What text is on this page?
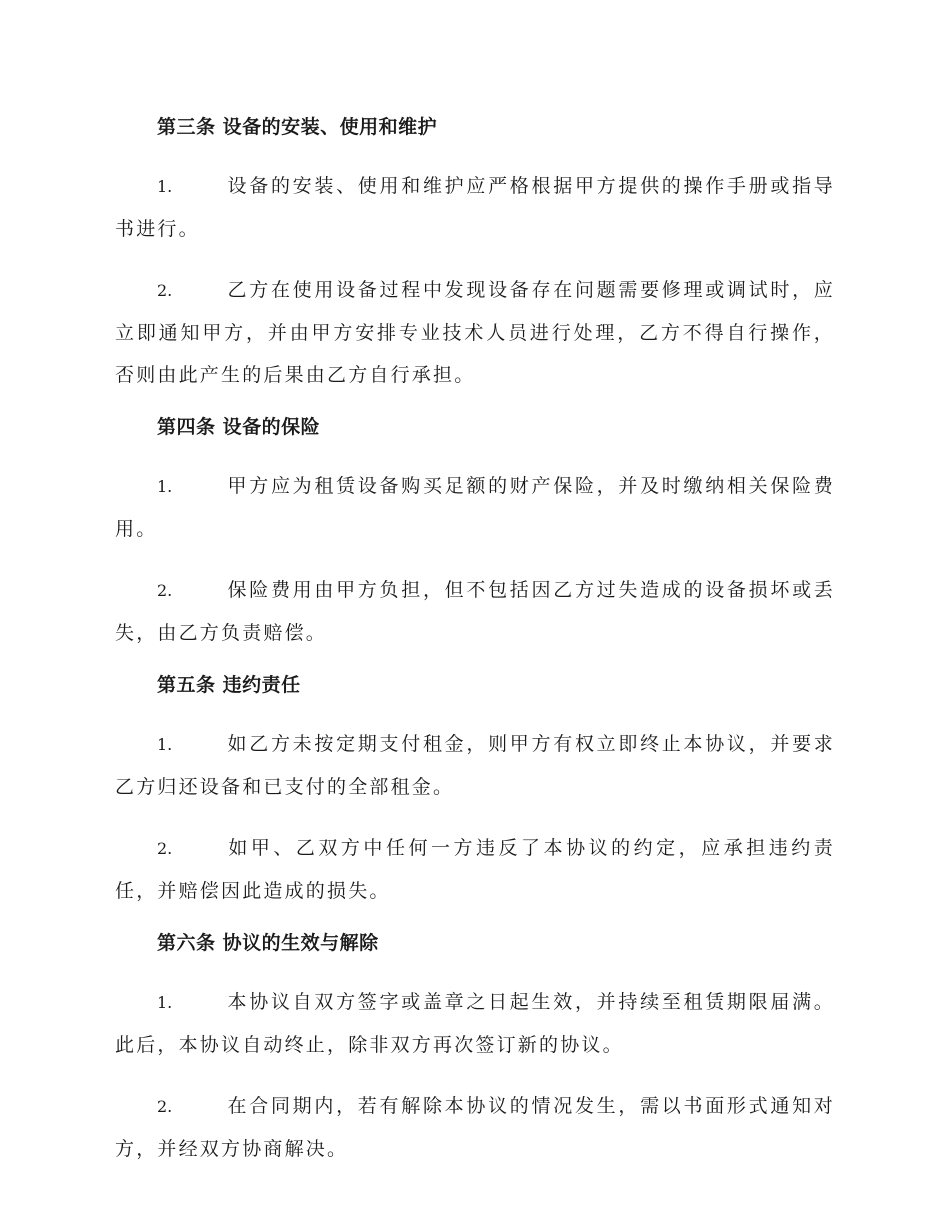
第三条 设备的安装、使用和维护

1.	设备的安装、使用和维护应严格根据甲方提供的操作手册或指导书进行。

2.	乙方在使用设备过程中发现设备存在问题需要修理或调试时，应立即通知甲方，并由甲方安排专业技术人员进行处理，乙方不得自行操作，否则由此产生的后果由乙方自行承担。

第四条 设备的保险

1.	甲方应为租赁设备购买足额的财产保险，并及时缴纳相关保险费用。

2.	保险费用由甲方负担，但不包括因乙方过失造成的设备损坏或丢失，由乙方负责赔偿。

第五条 违约责任

1.	如乙方未按定期支付租金，则甲方有权立即终止本协议，并要求乙方归还设备和已支付的全部租金。

2.	如甲、乙双方中任何一方违反了本协议的约定，应承担违约责任，并赔偿因此造成的损失。

第六条 协议的生效与解除

1.	本协议自双方签字或盖章之日起生效，并持续至租赁期限届满。此后，本协议自动终止，除非双方再次签订新的协议。

2.	在合同期内，若有解除本协议的情况发生，需以书面形式通知对方，并经双方协商解决。
